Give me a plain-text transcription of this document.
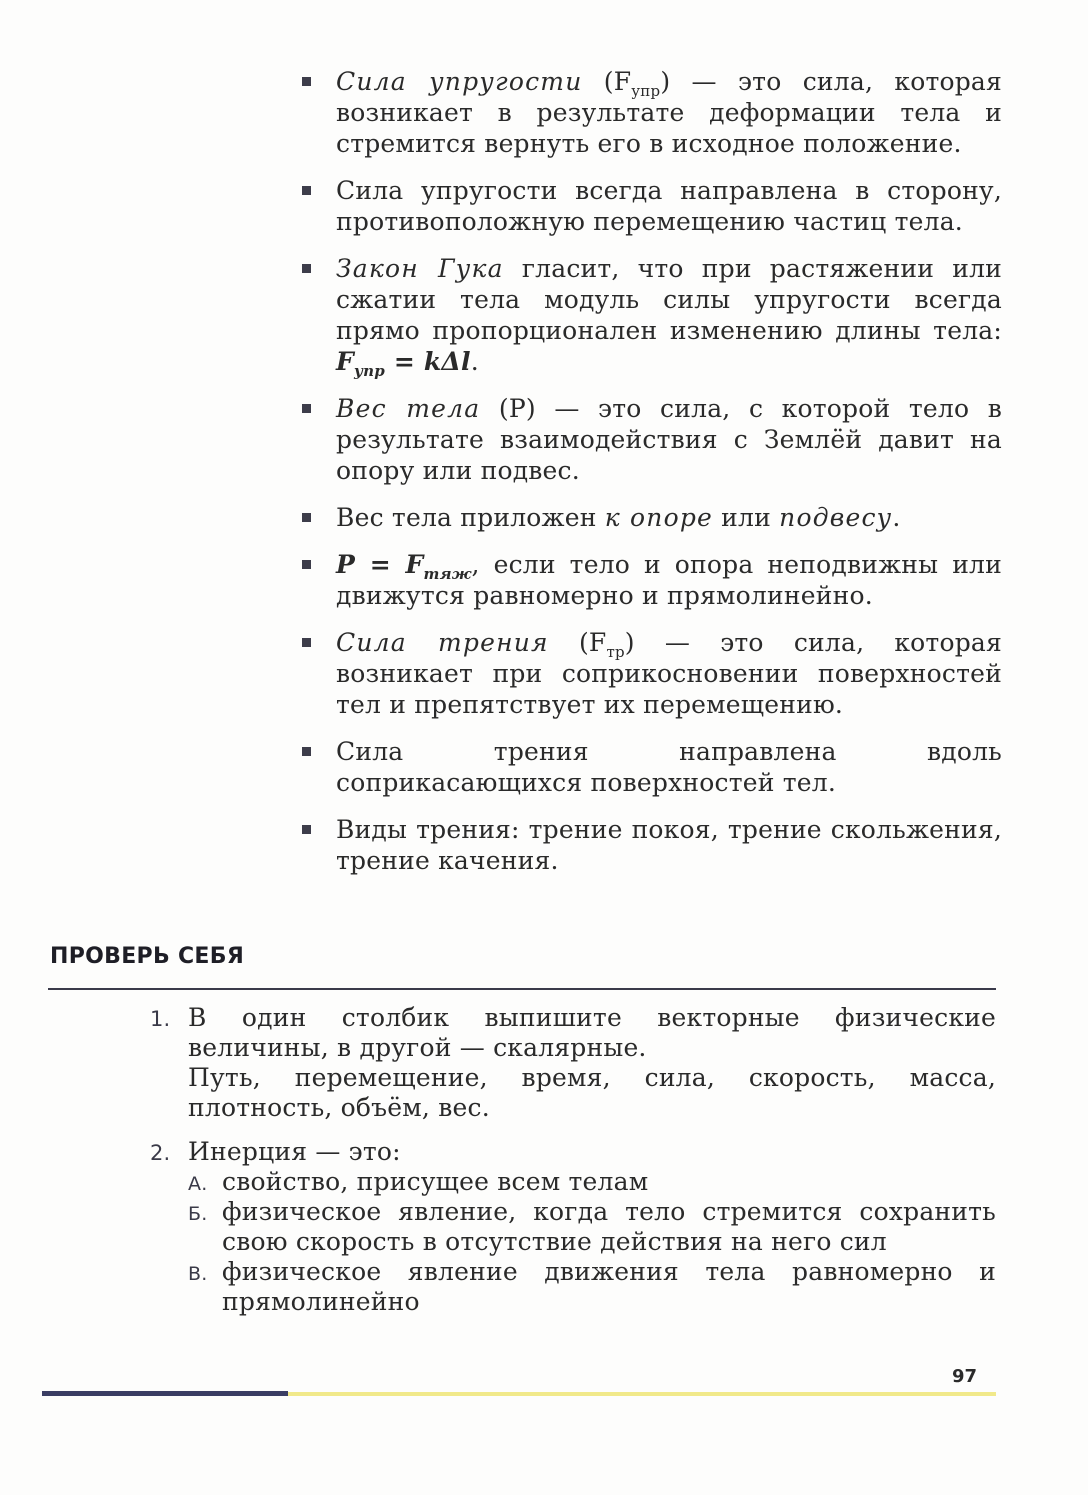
Сила упругости $(F_{упр})$ — это сила, которая возникает в результате деформации тела и стремится вернуть его в исходное положение.
Сила упругости всегда направлена в сторону, противоположную перемещению частиц тела.
Закон Гука гласит, что при растяжении или сжатии тела модуль силы упругости всегда прямо пропорционален изменению длины тела: $F_{упр} = k\Delta l$.
Вес тела (P) — это сила, с которой тело в результате взаимодействия с Землёй давит на опору или подвес.
Вес тела приложен к опоре или подвесу.
$P = F_{тяж}$, если тело и опора неподвижны или движутся равномерно и прямолинейно.
Сила трения $(F_{тр})$ — это сила, которая возникает при соприкосновении поверхностей тел и препятствует их перемещению.
Сила трения направлена вдоль соприкасающихся поверхностей тел.
Виды трения: трение покоя, трение скольжения, трение качения.
ПРОВЕРЬ СЕБЯ
1. В один столбик выпишите векторные физические величины, в другой — скалярные.
Путь, перемещение, время, сила, скорость, масса, плотность, объём, вес.
2. Инерция — это:
А. свойство, присущее всем телам
Б. физическое явление, когда тело стремится сохранить свою скорость в отсутствие действия на него сил
В. физическое явление движения тела равномерно и прямолинейно
97
